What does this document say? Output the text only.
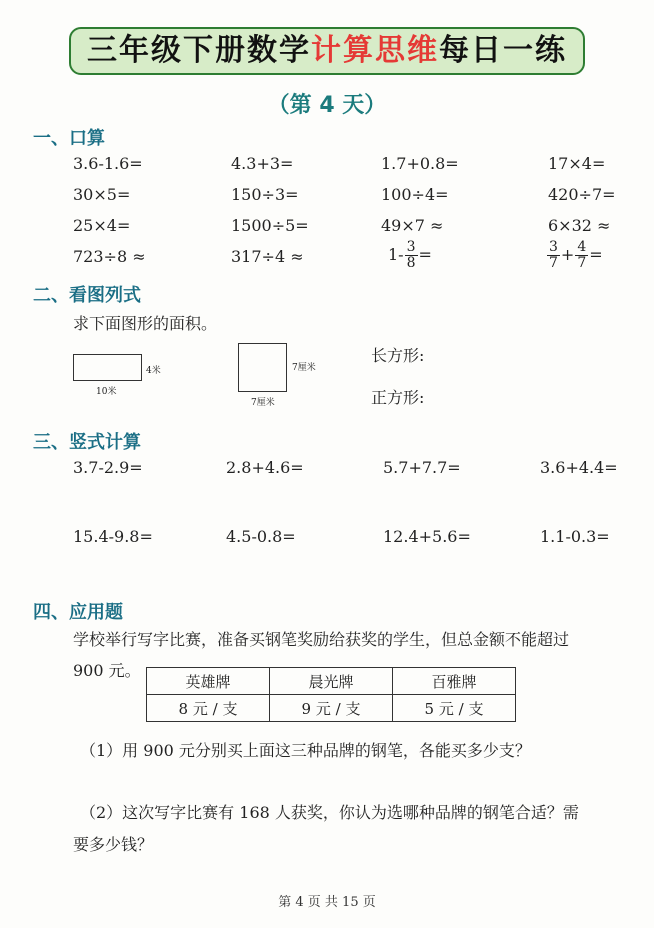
三年级下册数学计算思维每日一练
（第 4 天）
一、口算
3.6-1.6=	4.3+3=	1.7+0.8=	17×4=
30×5=	150÷3=	100÷4=	420÷7=
25×4=	1500÷5=	49×7 ≈	6×32 ≈
723÷8 ≈	317÷4 ≈	$1- \frac{3}{8}$ =	$\frac{3}{7} + \frac{4}{7}$ =
二、看图列式
求下面图形的面积。
4米
10米
7厘米
7厘米
长方形:
正方形:
三、竖式计算
3.7-2.9=	2.8+4.6=	5.7+7.7=	3.6+4.4=
15.4-9.8=	4.5-0.8=	12.4+5.6=	1.1-0.3=
四、应用题
学校举行写字比赛，准备买钢笔奖励给获奖的学生，但总金额不能超过
900 元。
英雄牌	晨光牌	百雅牌
8 元 / 支	9 元 / 支	5 元 / 支
（1）用 900 元分别买上面这三种品牌的钢笔，各能买多少支？
（2）这次写字比赛有 168 人获奖，你认为选哪种品牌的钢笔合适？需
要多少钱？
第 4 页 共 15 页
